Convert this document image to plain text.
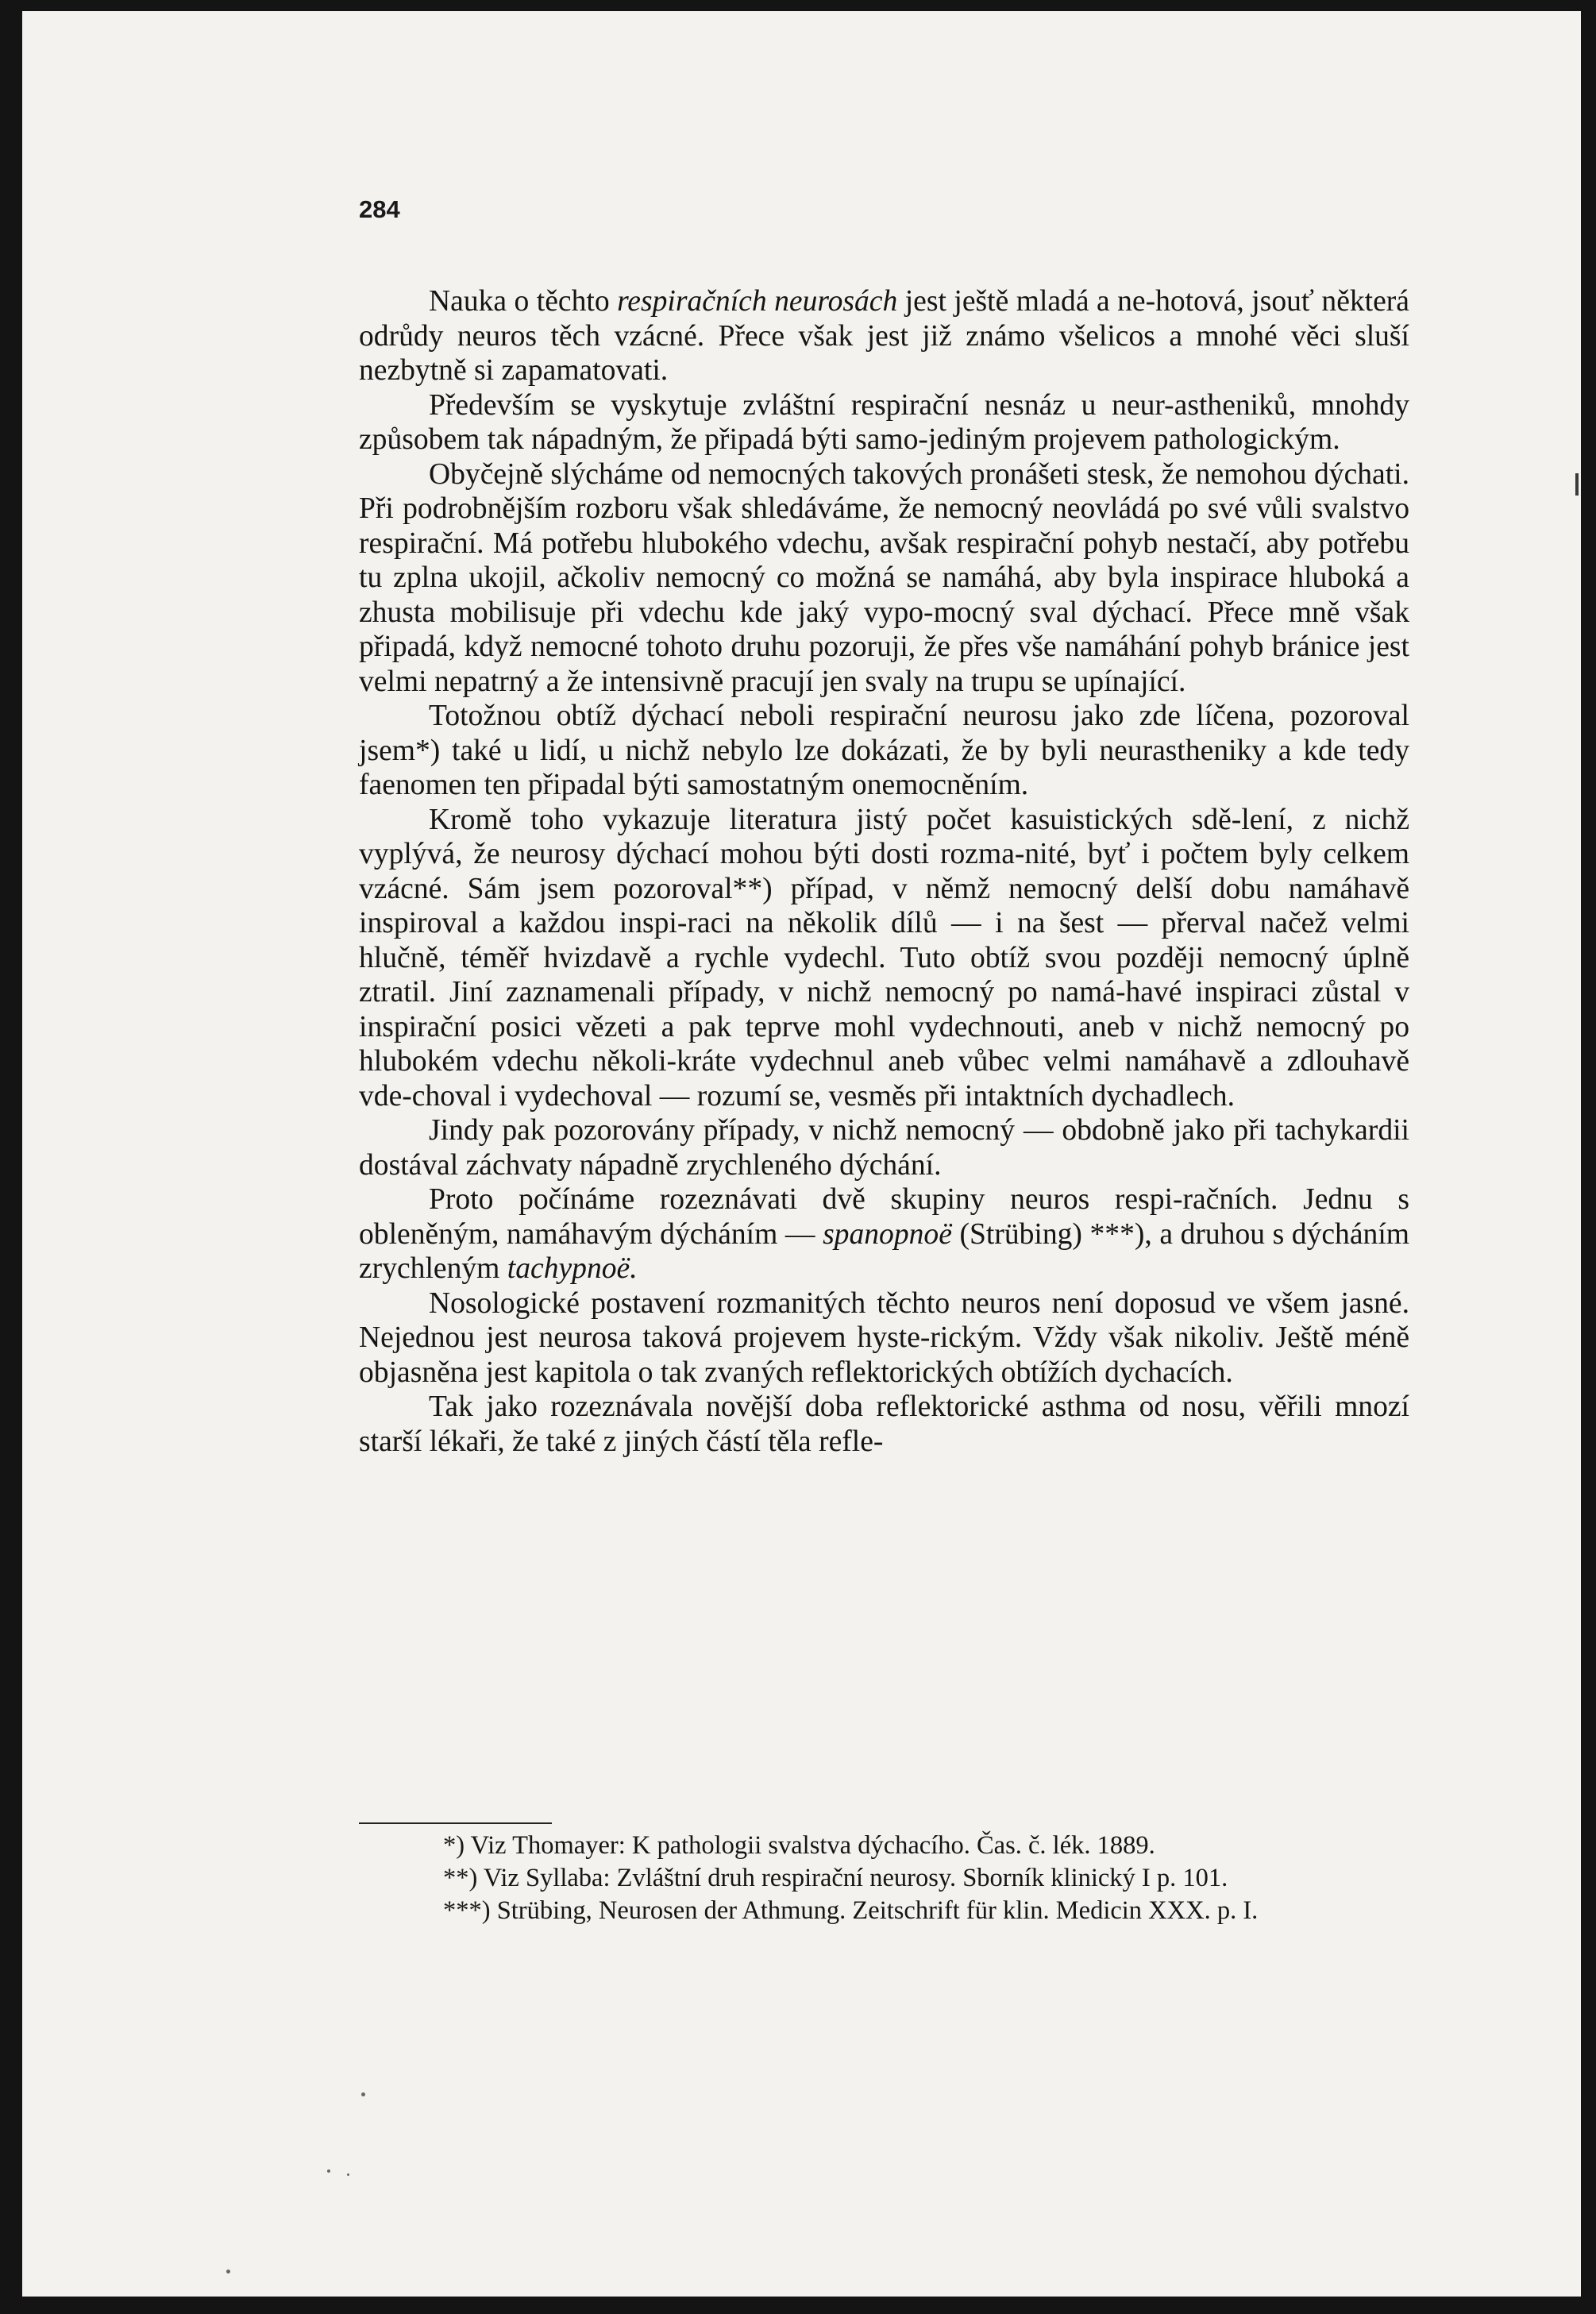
284

Nauka o těchto respiračních neurosách jest ještě mladá a ne-hotová, jsouť některá odrůdy neuros těch vzácné. Přece však jest již známo všelicos a mnohé věci sluší nezbytně si zapamatovati.

Především se vyskytuje zvláštní respirační nesnáz u neur-astheniků, mnohdy způsobem tak nápadným, že připadá býti samo-jediným projevem pathologickým.

Obyčejně slýcháme od nemocných takových pronášeti stesk, že nemohou dýchati. Při podrobnějším rozboru však shledáváme, že nemocný neovládá po své vůli svalstvo respirační. Má potřebu hlubokého vdechu, avšak respirační pohyb nestačí, aby potřebu tu zplna ukojil, ačkoliv nemocný co možná se namáhá, aby byla inspirace hluboká a zhusta mobilisuje při vdechu kde jaký vypo-mocný sval dýchací. Přece mně však připadá, když nemocné tohoto druhu pozoruji, že přes vše namáhání pohyb bránice jest velmi nepatrný a že intensivně pracují jen svaly na trupu se upínající.

Totožnou obtíž dýchací neboli respirační neurosu jako zde líčena, pozoroval jsem*) také u lidí, u nichž nebylo lze dokázati, že by byli neurastheniky a kde tedy faenomen ten připadal býti samostatným onemocněním.

Kromě toho vykazuje literatura jistý počet kasuistických sdě-lení, z nichž vyplývá, že neurosy dýchací mohou býti dosti rozma-nité, byť i počtem byly celkem vzácné. Sám jsem pozoroval**) případ, v němž nemocný delší dobu namáhavě inspiroval a každou inspi-raci na několik dílů — i na šest — přerval načež velmi hlučně, téměř hvizdavě a rychle vydechl. Tuto obtíž svou později nemocný úplně ztratil. Jiní zaznamenali případy, v nichž nemocný po namá-havé inspiraci zůstal v inspirační posici vězeti a pak teprve mohl vydechnouti, aneb v nichž nemocný po hlubokém vdechu několi-kráte vydechnul aneb vůbec velmi namáhavě a zdlouhavě vde-choval i vydechoval — rozumí se, vesměs při intaktních dychadlech.

Jindy pak pozorovány případy, v nichž nemocný — obdobně jako při tachykardii dostával záchvaty nápadně zrychleného dýchání.

Proto počínáme rozeznávati dvě skupiny neuros respi-račních. Jednu s obleněným, namáhavým dýcháním — spanopnoë (Strübing) ***), a druhou s dýcháním zrychleným tachypnoë.

Nosologické postavení rozmanitých těchto neuros není doposud ve všem jasné. Nejednou jest neurosa taková projevem hyste-rickým. Vždy však nikoliv. Ještě méně objasněna jest kapitola o tak zvaných reflektorických obtížích dychacích.

Tak jako rozeznávala novější doba reflektorické asthma od nosu, věřili mnozí starší lékaři, že také z jiných částí těla refle-

*) Viz Thomayer: K pathologii svalstva dýchacího. Čas. č. lék. 1889.

**) Viz Syllaba: Zvláštní druh respirační neurosy. Sborník klinický I p. 101.

***) Strübing, Neurosen der Athmung. Zeitschrift für klin. Medicin XXX. p. I.
